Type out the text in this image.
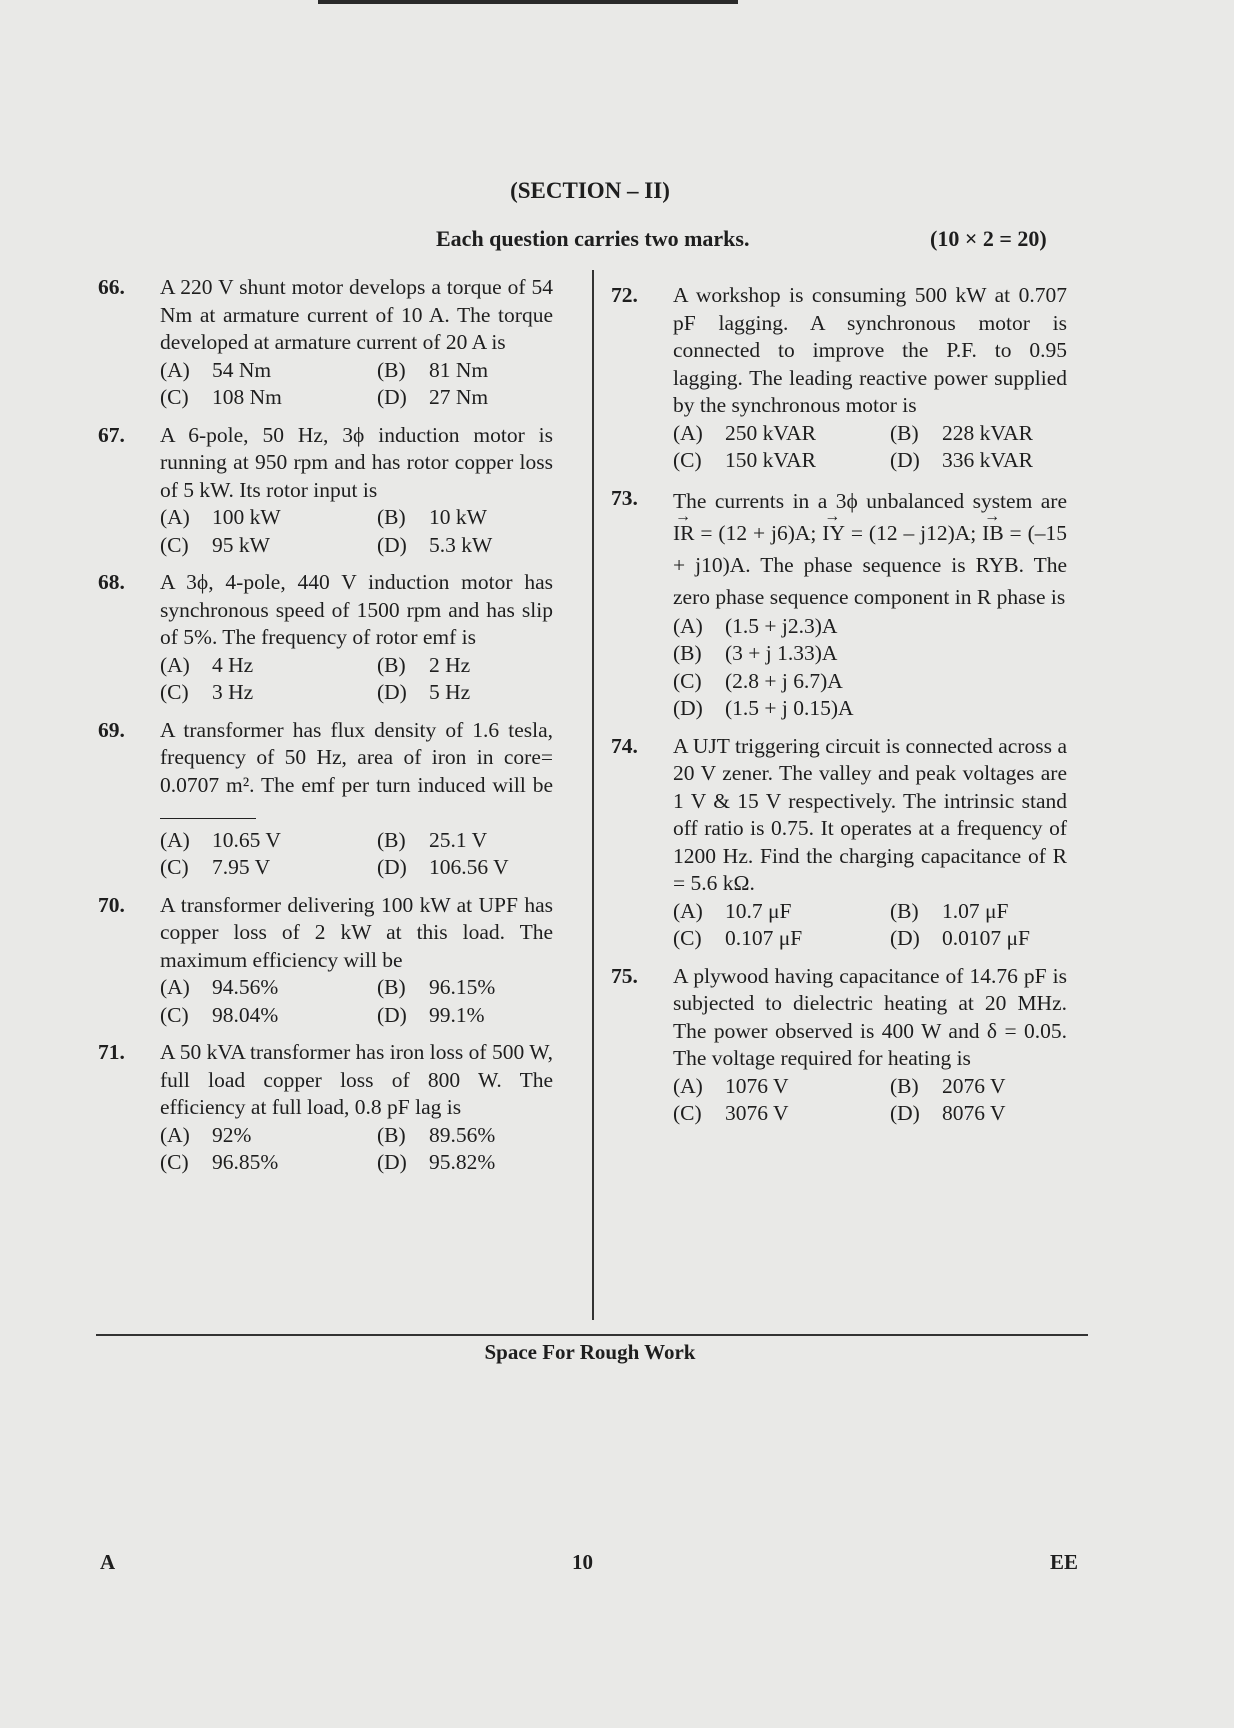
(SECTION – II)
Each question carries two marks.	(10 × 2 = 20)
66. A 220 V shunt motor develops a torque of 54 Nm at armature current of 10 A. The torque developed at armature current of 20 A is
(A) 54 Nm	(B) 81 Nm
(C) 108 Nm	(D) 27 Nm
67. A 6-pole, 50 Hz, 3ϕ induction motor is running at 950 rpm and has rotor copper loss of 5 kW. Its rotor input is
(A) 100 kW	(B) 10 kW
(C) 95 kW	(D) 5.3 kW
68. A 3ϕ, 4-pole, 440 V induction motor has synchronous speed of 1500 rpm and has slip of 5%. The frequency of rotor emf is
(A) 4 Hz	(B) 2 Hz
(C) 3 Hz	(D) 5 Hz
69. A transformer has flux density of 1.6 tesla, frequency of 50 Hz, area of iron in core= 0.0707 m². The emf per turn induced will be
(A) 10.65 V	(B) 25.1 V
(C) 7.95 V	(D) 106.56 V
70. A transformer delivering 100 kW at UPF has copper loss of 2 kW at this load. The maximum efficiency will be
(A) 94.56%	(B) 96.15%
(C) 98.04%	(D) 99.1%
71. A 50 kVA transformer has iron loss of 500 W, full load copper loss of 800 W. The efficiency at full load, 0.8 pF lag is
(A) 92%	(B) 89.56%
(C) 96.85%	(D) 95.82%
72. A workshop is consuming 500 kW at 0.707 pF lagging. A synchronous motor is connected to improve the P.F. to 0.95 lagging. The leading reactive power supplied by the synchronous motor is
(A) 250 kVAR	(B) 228 kVAR
(C) 150 kVAR	(D) 336 kVAR
73. The currents in a 3ϕ unbalanced system are → IR = (12 + j6)A; → IY = (12 – j12)A; → IB = (–15 + j10)A. The phase sequence is RYB. The zero phase sequence component in R phase is
(A) (1.5 + j2.3)A
(B) (3 + j 1.33)A
(C) (2.8 + j 6.7)A
(D) (1.5 + j 0.15)A
74. A UJT triggering circuit is connected across a 20 V zener. The valley and peak voltages are 1 V & 15 V respectively. The intrinsic stand off ratio is 0.75. It operates at a frequency of 1200 Hz. Find the charging capacitance of R = 5.6 kΩ.
(A) 10.7 μF	(B) 1.07 μF
(C) 0.107 μF	(D) 0.0107 μF
75. A plywood having capacitance of 14.76 pF is subjected to dielectric heating at 20 MHz. The power observed is 400 W and δ = 0.05. The voltage required for heating is
(A) 1076 V	(B) 2076 V
(C) 3076 V	(D) 8076 V
Space For Rough Work
A	10	EE
